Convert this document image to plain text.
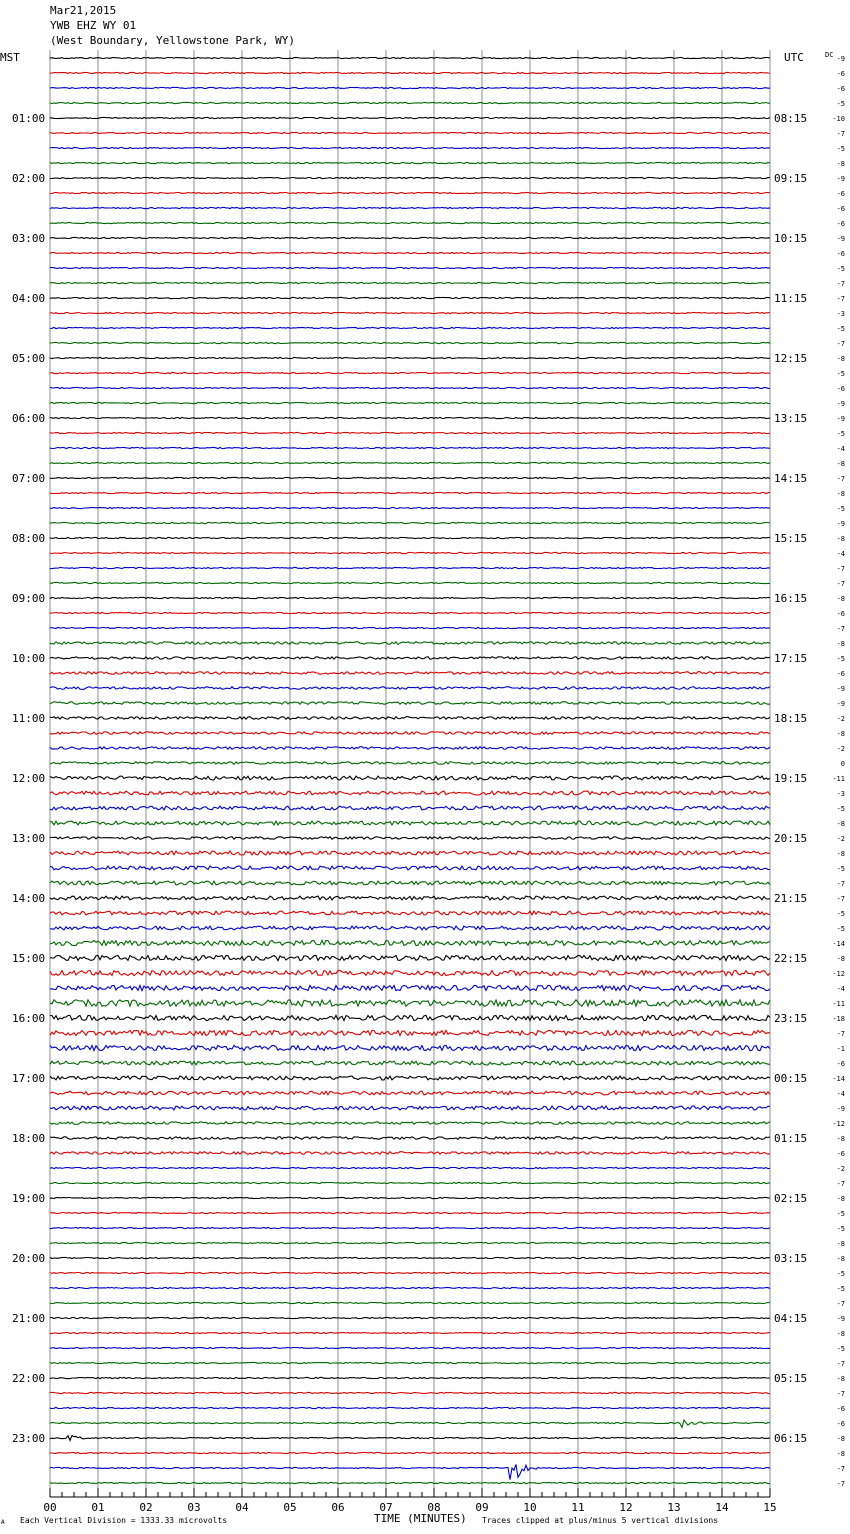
Mar21,2015
YWB EHZ WY 01
(West Boundary, Yellowstone Park, WY)
01:00
02:00
03:00
04:00
05:00
06:00
07:00
08:00
09:00
10:00
11:00
12:00
13:00
14:00
15:00
16:00
17:00
18:00
19:00
20:00
21:00
22:00
23:00
08:15
09:15
10:15
11:15
12:15
13:15
14:15
15:15
16:15
17:15
18:15
19:15
20:15
21:15
22:15
23:15
00:15
01:15
02:15
03:15
04:15
05:15
06:15
-9
-6
-6
-5
-10
-7
-5
-8
-9
-6
-6
-6
-9
-6
-5
-7
-7
-3
-5
-7
-8
-5
-6
-9
-9
-5
-4
-8
-7
-8
-5
-9
-8
-4
-7
-7
-8
-6
-7
-8
-5
-6
-9
-9
-2
-8
-2
0
-11
-3
-5
-8
-2
-8
-5
-7
-7
-5
-5
-14
-8
-12
-4
-11
-18
-7
-1
-6
-14
-4
-9
-12
-8
-6
-2
-7
-8
-5
-5
-8
-8
-5
-5
-7
-9
-8
-5
-7
-8
-7
-6
-6
-8
-8
-7
-7
00	01	02	03	04	05	06	07	08	09	10	11	12	13	14	15
MST	UTC	DC
TIME (MINUTES)
Each Vertical Division = 1333.33 microvolts	Traces clipped at plus/minus 5 vertical divisions
A
